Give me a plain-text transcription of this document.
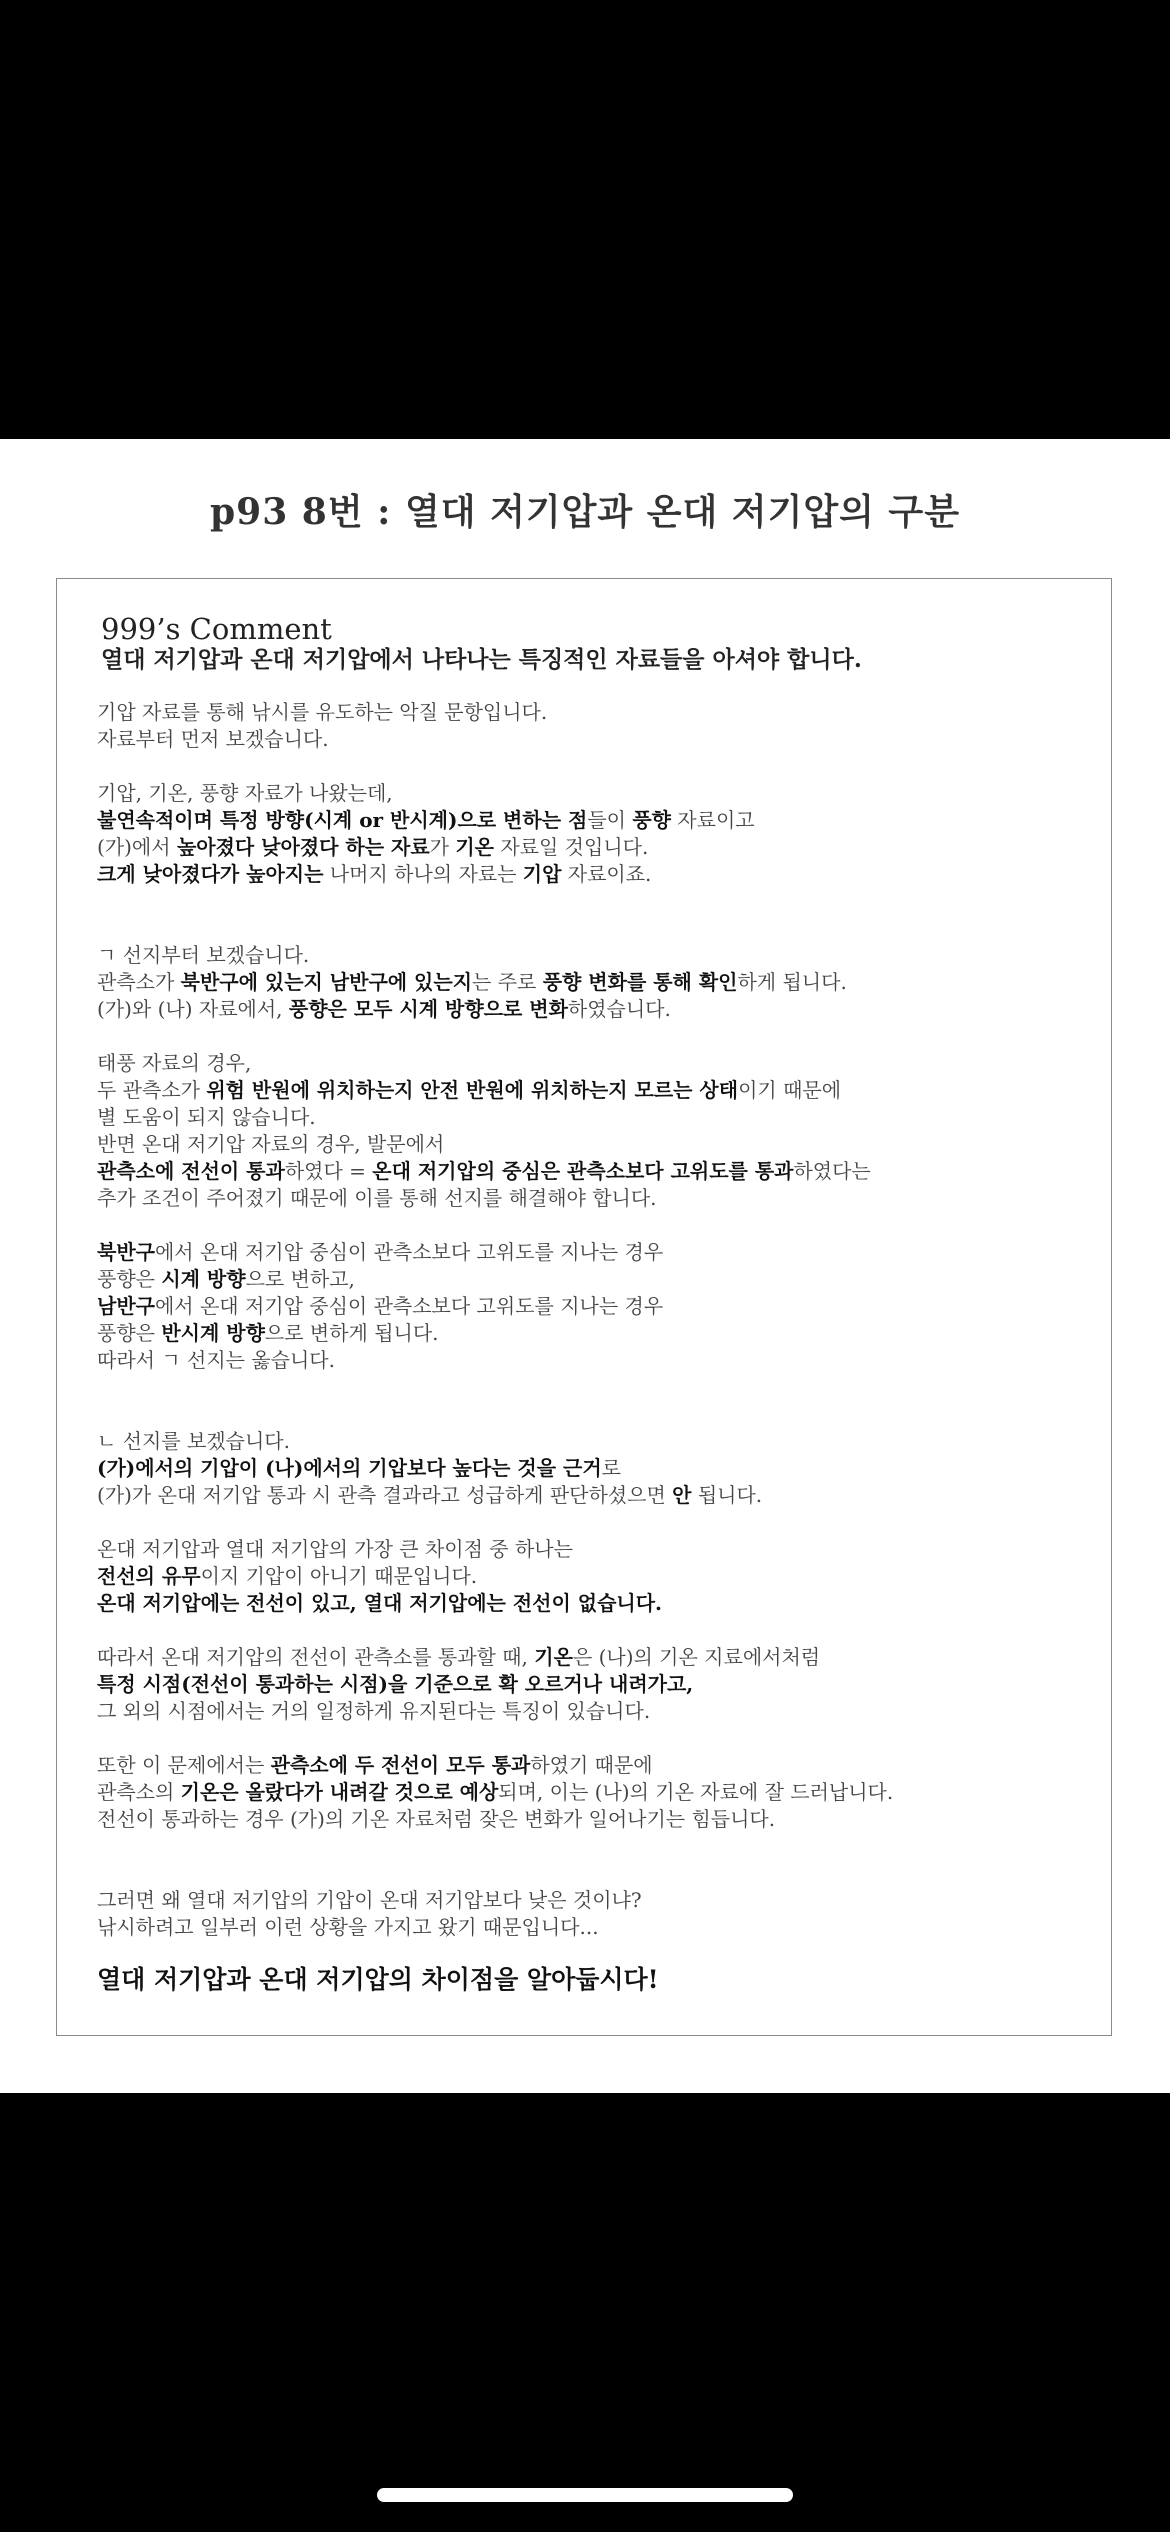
p93 8번 : 열대 저기압과 온대 저기압의 구분
999’s Comment
열대 저기압과 온대 저기압에서 나타나는 특징적인 자료들을 아셔야 합니다.
기압 자료를 통해 낚시를 유도하는 악질 문항입니다.
자료부터 먼저 보겠습니다.
기압, 기온, 풍향 자료가 나왔는데,
불연속적이며 특정 방향(시계 or 반시계)으로 변하는 점들이 풍향 자료이고
(가)에서 높아졌다 낮아졌다 하는 자료가 기온 자료일 것입니다.
크게 낮아졌다가 높아지는 나머지 하나의 자료는 기압 자료이죠.
ㄱ 선지부터 보겠습니다.
관측소가 북반구에 있는지 남반구에 있는지는 주로 풍향 변화를 통해 확인하게 됩니다.
(가)와 (나) 자료에서, 풍향은 모두 시계 방향으로 변화하였습니다.
태풍 자료의 경우,
두 관측소가 위험 반원에 위치하는지 안전 반원에 위치하는지 모르는 상태이기 때문에
별 도움이 되지 않습니다.
반면 온대 저기압 자료의 경우, 발문에서
관측소에 전선이 통과하였다 = 온대 저기압의 중심은 관측소보다 고위도를 통과하였다는
추가 조건이 주어졌기 때문에 이를 통해 선지를 해결해야 합니다.
북반구에서 온대 저기압 중심이 관측소보다 고위도를 지나는 경우
풍향은 시계 방향으로 변하고,
남반구에서 온대 저기압 중심이 관측소보다 고위도를 지나는 경우
풍향은 반시계 방향으로 변하게 됩니다.
따라서 ㄱ 선지는 옳습니다.
ㄴ 선지를 보겠습니다.
(가)에서의 기압이 (나)에서의 기압보다 높다는 것을 근거로
(가)가 온대 저기압 통과 시 관측 결과라고 성급하게 판단하셨으면 안 됩니다.
온대 저기압과 열대 저기압의 가장 큰 차이점 중 하나는
전선의 유무이지 기압이 아니기 때문입니다.
온대 저기압에는 전선이 있고, 열대 저기압에는 전선이 없습니다.
따라서 온대 저기압의 전선이 관측소를 통과할 때, 기온은 (나)의 기온 지료에서처럼
특정 시점(전선이 통과하는 시점)을 기준으로 확 오르거나 내려가고,
그 외의 시점에서는 거의 일정하게 유지된다는 특징이 있습니다.
또한 이 문제에서는 관측소에 두 전선이 모두 통과하였기 때문에
관측소의 기온은 올랐다가 내려갈 것으로 예상되며, 이는 (나)의 기온 자료에 잘 드러납니다.
전선이 통과하는 경우 (가)의 기온 자료처럼 잦은 변화가 일어나기는 힘듭니다.
그러면 왜 열대 저기압의 기압이 온대 저기압보다 낮은 것이냐?
낚시하려고 일부러 이런 상황을 가지고 왔기 때문입니다...
열대 저기압과 온대 저기압의 차이점을 알아둡시다!
